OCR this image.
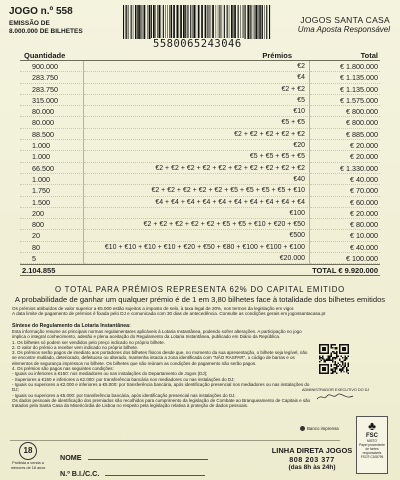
JOGO n.º 558
EMISSÃO DE
8.000.000 DE BILHETES
5580065243046
JOGOS SANTA CASA
Uma Aposta Responsável
Quantidade	Prémios	Total
900.000	€2	€ 1.800.000
283.750	€4	€ 1.135.000
283.750	€2 + €2	€ 1.135.000
315.000	€5	€ 1.575.000
80.000	€10	€ 800.000
80.000	€5 + €5	€ 800.000
88.500	€2 + €2 + €2 + €2 + €2	€ 885.000
1.000	€20	€ 20.000
1.000	€5 + €5 + €5 + €5	€ 20.000
66.500	€2 + €2 + €2 + €2 + €2 + €2 + €2 + €2 + €2 + €2	€ 1.330.000
1.000	€40	€ 40.000
1.750	€2 + €2 + €2 + €2 + €2 + €5 + €5 + €5 + €5 + €10	€ 70.000
1.500	€4 + €4 + €4 + €4 + €4 + €4 + €4 + €4 + €4 + €4	€ 60.000
200	€100	€ 20.000
800	€2 + €2 + €2 + €2 + €2 + €5 + €5 + €10 + €20 + €50	€ 80.000
20	€500	€ 10.000
80	€10 + €10 + €10 + €10 + €20 + €50 + €80 + €100 + €100 + €100	€ 40.000
5	€20.000	€ 100.000
2.104.855	TOTAL € 9.920.000
O TOTAL PARA PRÉMIOS REPRESENTA 62% DO CAPITAL EMITIDO
A probabilidade de ganhar um qualquer prémio é de 1 em 3,80 bilhetes face à totalidade dos bilhetes emitidos
Os prémios atribuídos de valor superior a €5.000 estão sujeitos a imposto de selo, à taxa legal de 20%, nos termos da legislação em vigor.
A data limite de pagamento de prémios é fixada pelo DJ e comunicada com 30 dias de antecedência. Consulte as condições gerais em jogossantacasa.pt
Síntese do Regulamento da Lotaria Instantânea:

Esta informação resume as principais normas regulamentares aplicáveis à Lotaria Instantânea, podendo sofrer alterações. A participação no jogo implica o integral conhecimento, adesão e plena aceitação do Regulamento da Lotaria Instantânea, publicado em Diário da República.

1. Os bilhetes só podem ser vendidos pelo preço indicado no próprio bilhete.

2. O valor do prémio a receber vem indicado no próprio bilhete.

3. Os prémios serão pagos de imediato aos portadores dos bilhetes físicos desde que, no momento da sua apresentação, o bilhete seja legível, não se encontre mutilado, deteriorado, defeituoso ou alterado, mantenha intacta a zona identificada com "NÃO RASPAR", o código de barras e os elementos de segurança impressos no bilhete. Os bilhetes que não reúnam as condições de pagamento não serão pagos.

4. Os prémios são pagos nas seguintes condições:

- Iguais ou inferiores a €150: nos mediadores ou nas instalações do Departamento de Jogos (DJ);

- Superiores a €150 e inferiores a €2.000: por transferência bancária nos mediadores ou nas instalações do DJ;

- Iguais ou superiores a €2.000 e inferiores a €5.000: por transferência bancária, após identificação presencial nos mediadores ou nas instalações do DJ;

- Iguais ou superiores a €5.000: por transferência bancária, após identificação presencial nas instalações do DJ.

Os dados pessoais de identificação dos premiados são recolhidos para cumprimento da legislação de Combate ao Branqueamento de Capitais e são tratados pela Santa Casa da Misericórdia de Lisboa no respeito pela legislação relativa à proteção de dados pessoais.

ADMINISTRADOR EXECUTIVO DO DJ
Banco imprensa
18
Proibida a venda a menores de 18 anos
NOME
N.º B.I./C.C.
LINHA DIRETA JOGOS
808 203 377
(das 8h às 24h)
♣
FSC
MISTO
Papel proveniente de fontes responsáveis
FSC® C108795
